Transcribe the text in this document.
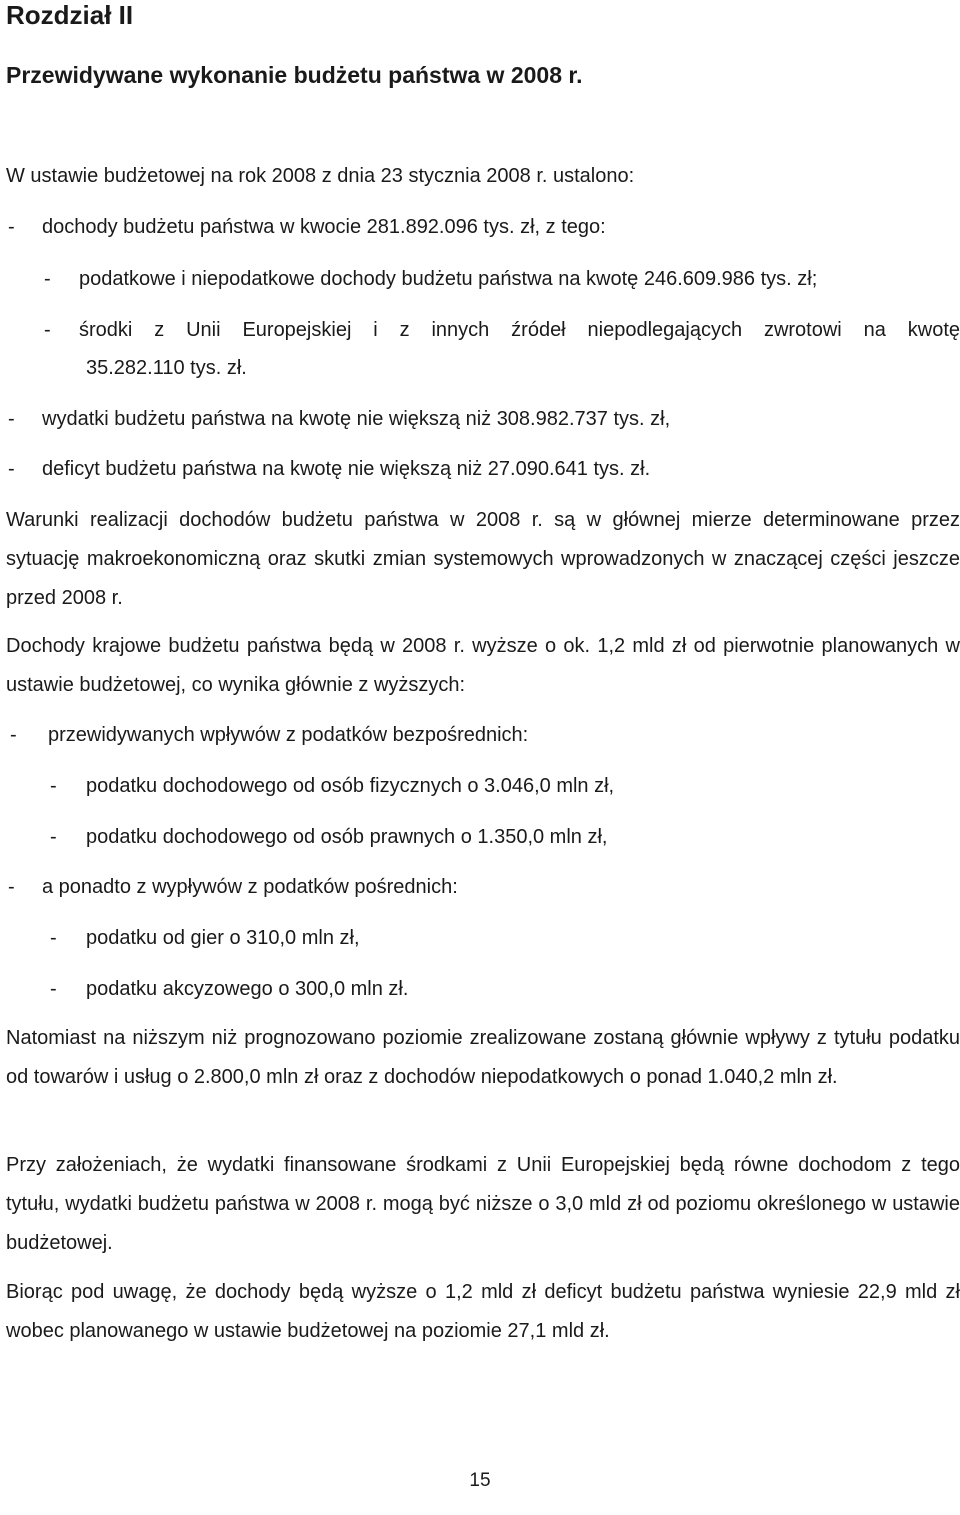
Rozdział II
Przewidywane wykonanie budżetu państwa w 2008 r.
W ustawie budżetowej na rok 2008 z dnia 23 stycznia 2008 r. ustalono:
- dochody budżetu państwa w kwocie 281.892.096 tys. zł, z tego:
- podatkowe i niepodatkowe dochody budżetu państwa na kwotę 246.609.986 tys. zł;
- środki z Unii Europejskiej i z innych źródeł niepodlegających zwrotowi na kwotę
35.282.110 tys. zł.
- wydatki budżetu państwa na kwotę nie większą niż 308.982.737 tys. zł,
- deficyt budżetu państwa na kwotę nie większą niż 27.090.641 tys. zł.

Warunki realizacji dochodów budżetu państwa w 2008 r. są w głównej mierze determinowane przez sytuację makroekonomiczną oraz skutki zmian systemowych wprowadzonych w znaczącej części jeszcze przed 2008 r.

Dochody krajowe budżetu państwa będą w 2008 r. wyższe o ok. 1,2 mld zł od pierwotnie planowanych w ustawie budżetowej, co wynika głównie z wyższych:

- przewidywanych wpływów z podatków bezpośrednich:
- podatku dochodowego od osób fizycznych o 3.046,0 mln zł,
- podatku dochodowego od osób prawnych o 1.350,0 mln zł,
- a ponadto z wypływów z podatków pośrednich:
- podatku od gier o 310,0 mln zł,
- podatku akcyzowego o 300,0 mln zł.

Natomiast na niższym niż prognozowano poziomie zrealizowane zostaną głównie wpływy z tytułu podatku od towarów i usług o 2.800,0 mln zł oraz z dochodów niepodatkowych o ponad 1.040,2 mln zł.

Przy założeniach, że wydatki finansowane środkami z Unii Europejskiej będą równe dochodom z tego tytułu, wydatki budżetu państwa w 2008 r. mogą być niższe o 3,0 mld zł od poziomu określonego w ustawie budżetowej.

Biorąc pod uwagę, że dochody będą wyższe o 1,2 mld zł deficyt budżetu państwa wyniesie 22,9 mld zł wobec planowanego w ustawie budżetowej na poziomie 27,1 mld zł.

15
